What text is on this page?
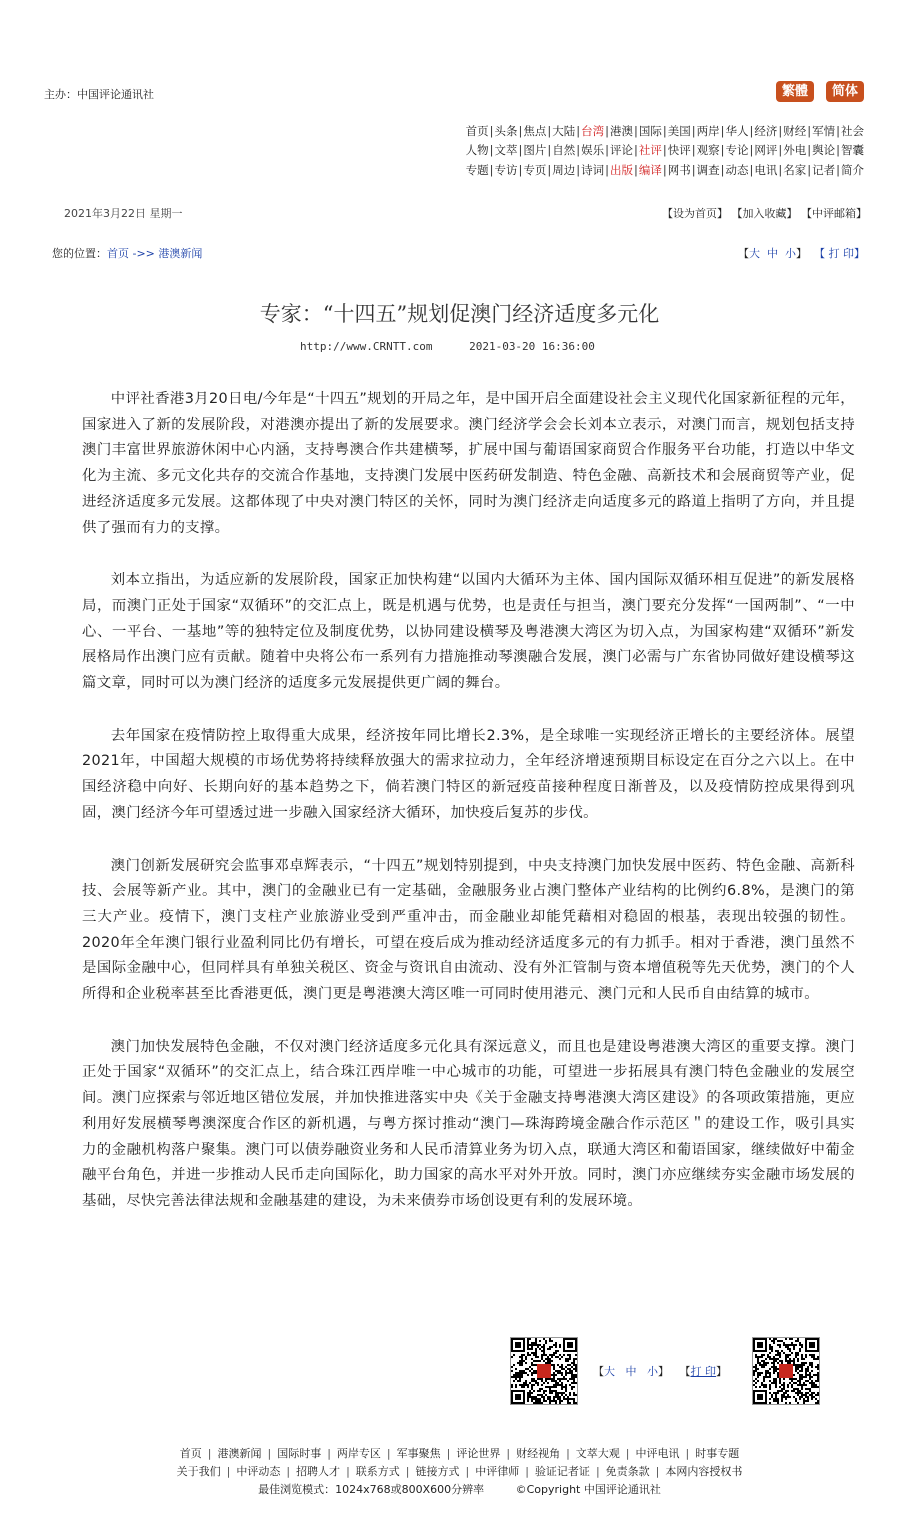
主办：中国评论通讯社	繁體	简体
首页|头条|焦点|大陆|台湾|港澳|国际|美国|两岸|华人|经济|财经|军情|社会
人物|文萃|图片|自然|娱乐|评论|社评|快评|观察|专论|网评|外电|舆论|智囊
专题|专访|专页|周边|诗词|出版|编译|网书|调查|动态|电讯|名家|记者|简介
2021年3月22日 星期一	【设为首页】 【加入收藏】 【中评邮箱】
您的位置：首页 ->> 港澳新闻	【大 中 小】 【 打 印】
专家：“十四五”规划促澳门经济适度多元化
http://www.CRNTT.com	2021-03-20 16:36:00

中评社香港3月20日电/今年是“十四五”规划的开局之年，是中国开启全面建设社会主义现代化国家新征程的元年，国家进入了新的发展阶段，对港澳亦提出了新的发展要求。澳门经济学会会长刘本立表示，对澳门而言，规划包括支持澳门丰富世界旅游休闲中心内涵，支持粤澳合作共建横琴，扩展中国与葡语国家商贸合作服务平台功能，打造以中华文化为主流、多元文化共存的交流合作基地，支持澳门发展中医药研发制造、特色金融、高新技术和会展商贸等产业，促进经济适度多元发展。这都体现了中央对澳门特区的关怀，同时为澳门经济走向适度多元的路道上指明了方向，并且提供了强而有力的支撑。

刘本立指出，为适应新的发展阶段，国家正加快构建“以国内大循环为主体、国内国际双循环相互促进”的新发展格局，而澳门正处于国家“双循环”的交汇点上，既是机遇与优势，也是责任与担当，澳门要充分发挥“一国两制”、“一中心、一平台、一基地”等的独特定位及制度优势，以协同建设横琴及粤港澳大湾区为切入点，为国家构建“双循环”新发展格局作出澳门应有贡献。随着中央将公布一系列有力措施推动琴澳融合发展，澳门必需与广东省协同做好建设横琴这篇文章，同时可以为澳门经济的适度多元发展提供更广阔的舞台。

去年国家在疫情防控上取得重大成果，经济按年同比增长2.3%，是全球唯一实现经济正增长的主要经济体。展望2021年，中国超大规模的市场优势将持续释放强大的需求拉动力，全年经济增速预期目标设定在百分之六以上。在中国经济稳中向好、长期向好的基本趋势之下，倘若澳门特区的新冠疫苗接种程度日渐普及，以及疫情防控成果得到巩固，澳门经济今年可望透过进一步融入国家经济大循环，加快疫后复苏的步伐。

澳门创新发展研究会监事邓卓辉表示，“十四五”规划特别提到，中央支持澳门加快发展中医药、特色金融、高新科技、会展等新产业。其中，澳门的金融业已有一定基础，金融服务业占澳门整体产业结构的比例约6.8%，是澳门的第三大产业。疫情下，澳门支柱产业旅游业受到严重冲击，而金融业却能凭藉相对稳固的根基，表现出较强的韧性。2020年全年澳门银行业盈利同比仍有增长，可望在疫后成为推动经济适度多元的有力抓手。相对于香港，澳门虽然不是国际金融中心，但同样具有单独关税区、资金与资讯自由流动、没有外汇管制与资本增值税等先天优势，澳门的个人所得和企业税率甚至比香港更低，澳门更是粤港澳大湾区唯一可同时使用港元、澳门元和人民币自由结算的城市。

澳门加快发展特色金融，不仅对澳门经济适度多元化具有深远意义，而且也是建设粤港澳大湾区的重要支撑。澳门正处于国家“双循环”的交汇点上，结合珠江西岸唯一中心城市的功能，可望进一步拓展具有澳门特色金融业的发展空间。澳门应探索与邻近地区错位发展，并加快推进落实中央《关于金融支持粤港澳大湾区建设》的各项政策措施，更应利用好发展横琴粤澳深度合作区的新机遇，与粤方探讨推动“澳门—珠海跨境金融合作示范区＂的建设工作，吸引具实力的金融机构落户聚集。澳门可以债券融资业务和人民币清算业务为切入点，联通大湾区和葡语国家，继续做好中葡金融平台角色，并进一步推动人民币走向国际化，助力国家的高水平对外开放。同时，澳门亦应继续夯实金融市场发展的基础，尽快完善法律法规和金融基建的建设，为未来债券市场创设更有利的发展环境。

【大 中 小】 【打 印】
首页 | 港澳新闻 | 国际时事 | 两岸专区 | 军事聚焦 | 评论世界 | 财经视角 | 文萃大观 | 中评电讯 | 时事专题
关于我们 | 中评动态 | 招聘人才 | 联系方式 | 链接方式 | 中评律师 | 验证记者证 | 免责条款 | 本网内容授权书
最佳浏览模式：1024x768或800X600分辨率	©Copyright 中国评论通讯社
